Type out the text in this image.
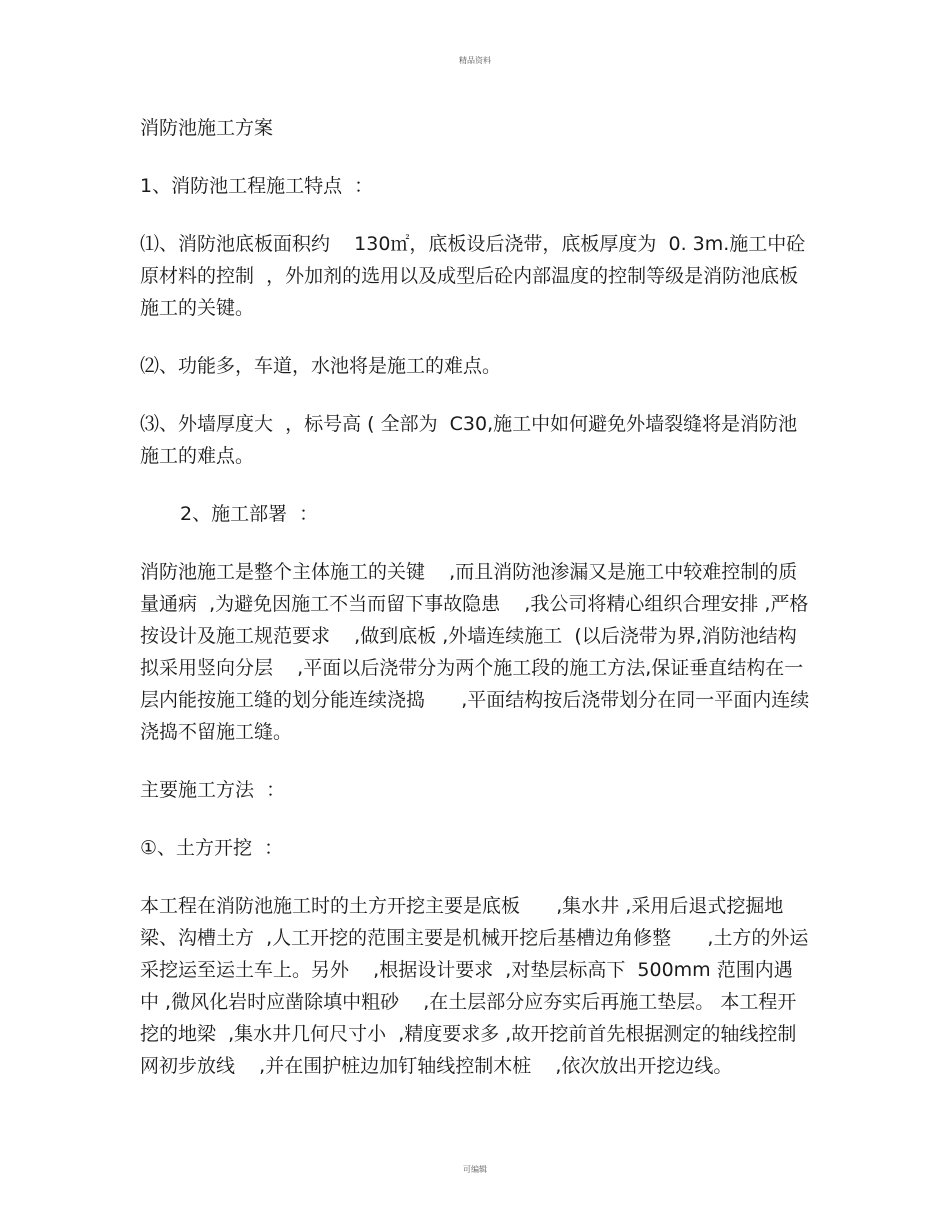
精品资料

消防池施工方案

1、消防池工程施工特点  ：

⑴、消防池底板面积约    130㎡，底板设后浇带，底板厚度为  0. 3m.施工中砼原材料的控制  ，外加剂的选用以及成型后砼内部温度的控制等级是消防池底板施工的关键。

⑵、功能多，车道，水池将是施工的难点。

⑶、外墙厚度大  ，标号高 ( 全部为  C30,施工中如何避免外墙裂缝将是消防池施工的难点。

2、施工部署  ：

消防池施工是整个主体施工的关键    ,而且消防池渗漏又是施工中较难控制的质量通病  ,为避免因施工不当而留下事故隐患    ,我公司将精心组织合理安排 ,严格按设计及施工规范要求    ,做到底板 ,外墙连续施工  (以后浇带为界,消防池结构拟采用竖向分层    ,平面以后浇带分为两个施工段的施工方法,保证垂直结构在一层内能按施工缝的划分能连续浇捣      ,平面结构按后浇带划分在同一平面内连续浇捣不留施工缝。

主要施工方法  ：

①、土方开挖  ：

本工程在消防池施工时的土方开挖主要是底板      ,集水井 ,采用后退式挖掘地梁、沟槽土方  ,人工开挖的范围主要是机械开挖后基槽边角修整      ,土方的外运采挖运至运土车上。另外    ,根据设计要求  ,对垫层标高下  500mm 范围内遇中 ,微风化岩时应凿除填中粗砂    ,在土层部分应夯实后再施工垫层。 本工程开挖的地梁  ,集水井几何尺寸小  ,精度要求多 ,故开挖前首先根据测定的轴线控制网初步放线    ,并在围护桩边加钉轴线控制木桩    ,依次放出开挖边线。

可编辑
